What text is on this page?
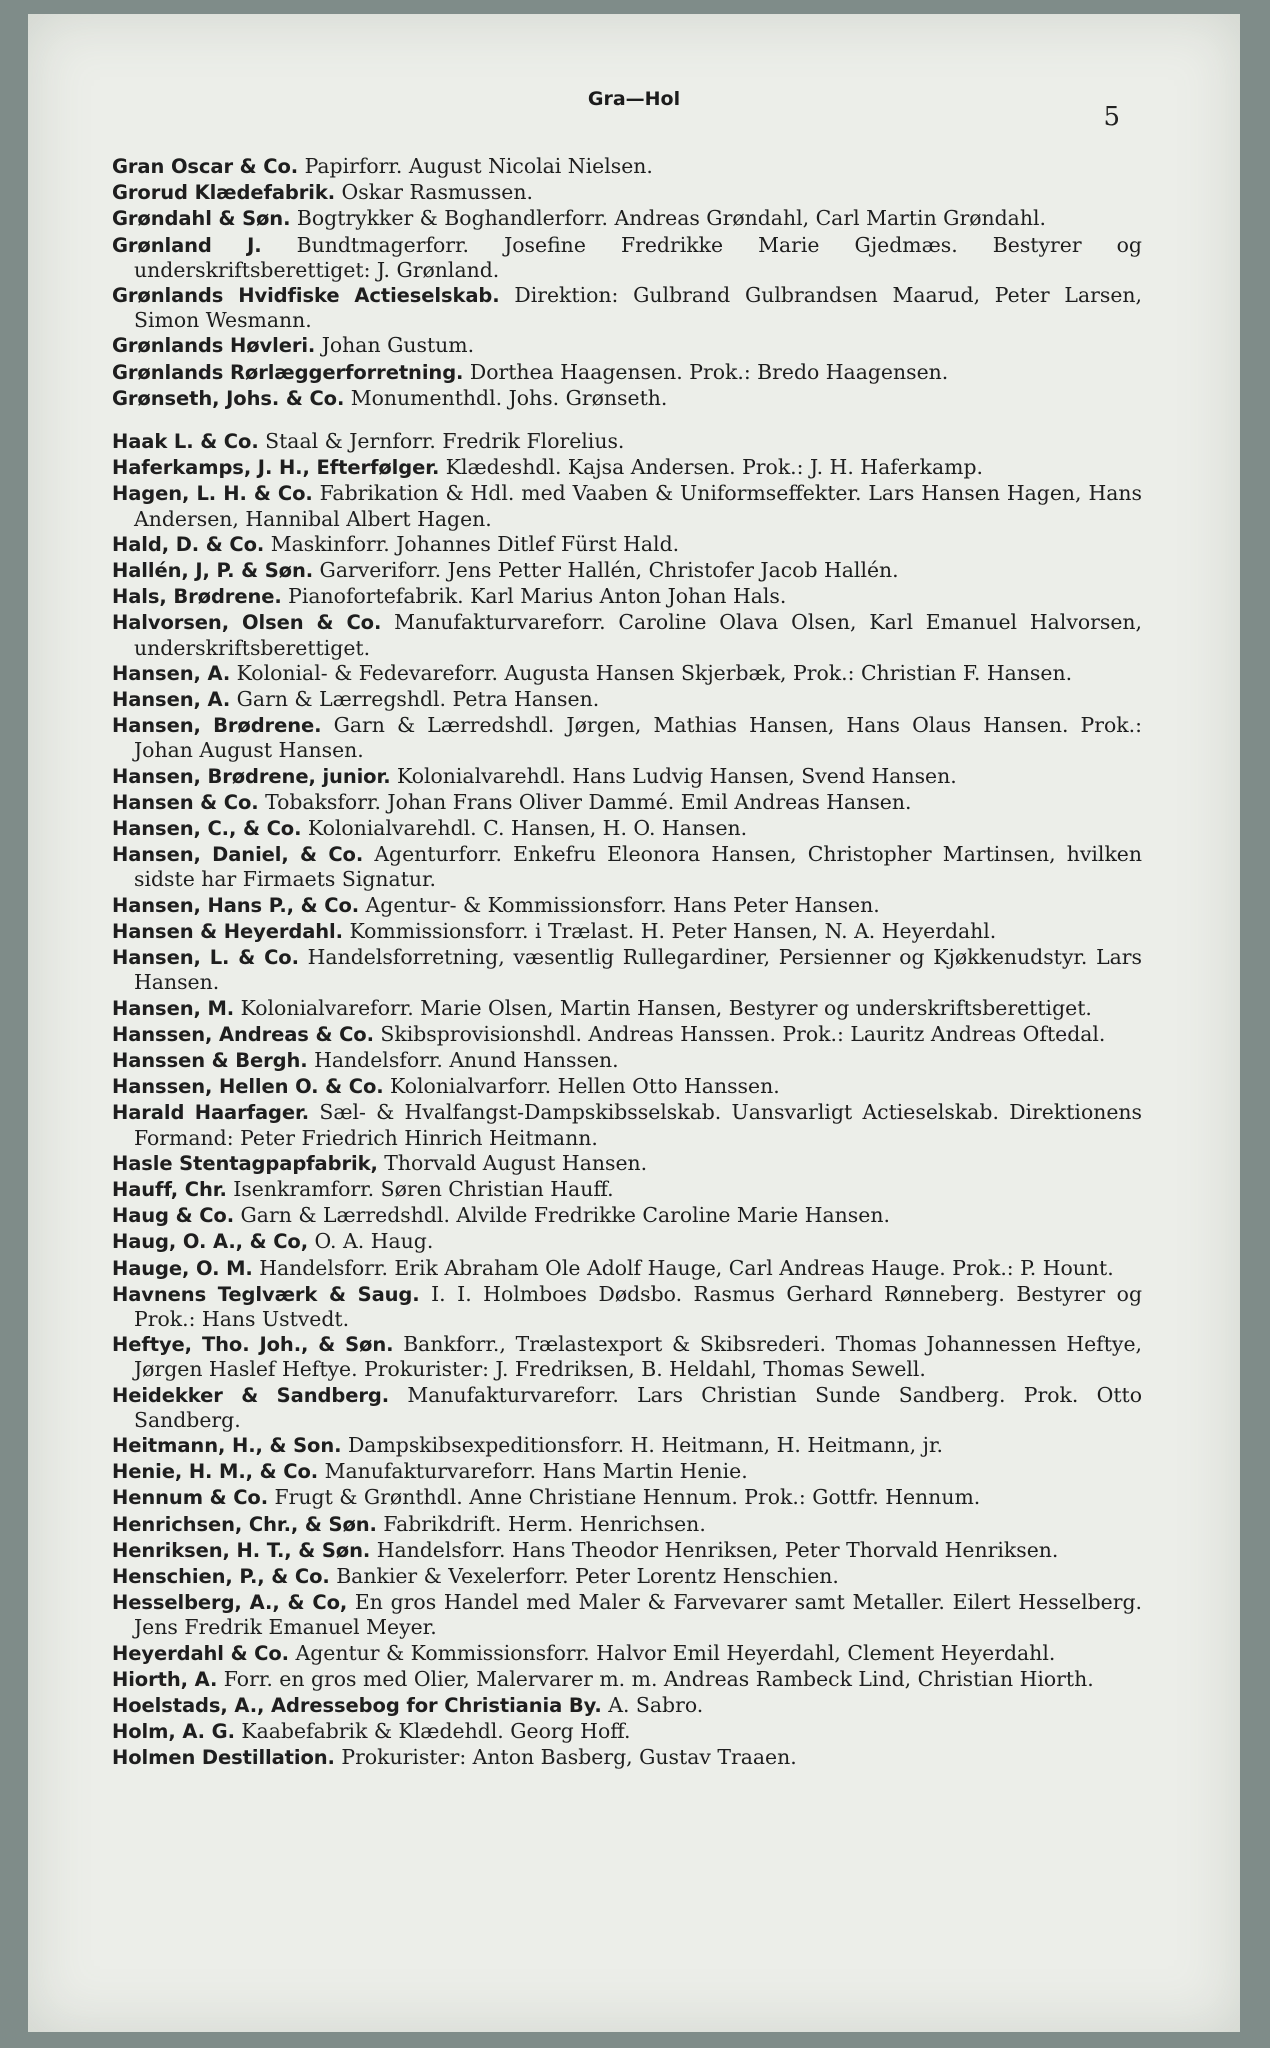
Gra—Hol
5

Gran Oscar & Co. Papirforr. August Nicolai Nielsen.

Grorud Klædefabrik. Oskar Rasmussen.

Grøndahl & Søn. Bogtrykker & Boghandlerforr. Andreas Grøndahl, Carl Martin Grøndahl.

Grønland J. Bundtmagerforr. Josefine Fredrikke Marie Gjedmæs. Bestyrer og underskriftsberettiget: J. Grønland.

Grønlands Hvidfiske Actieselskab. Direktion: Gulbrand Gulbrandsen Maarud, Peter Larsen, Simon Wesmann.

Grønlands Høvleri. Johan Gustum.

Grønlands Rørlæggerforretning. Dorthea Haagensen. Prok.: Bredo Haagensen.

Grønseth, Johs. & Co. Monumenthdl. Johs. Grønseth.

Haak L. & Co. Staal & Jernforr. Fredrik Florelius.

Haferkamps, J. H., Efterfølger. Klædeshdl. Kajsa Andersen. Prok.: J. H. Haferkamp.

Hagen, L. H. & Co. Fabrikation & Hdl. med Vaaben & Uniformseffekter. Lars Hansen Hagen, Hans Andersen, Hannibal Albert Hagen.

Hald, D. & Co. Maskinforr. Johannes Ditlef Fürst Hald.

Hallén, J, P. & Søn. Garveriforr. Jens Petter Hallén, Christofer Jacob Hallén.

Hals, Brødrene. Pianofortefabrik. Karl Marius Anton Johan Hals.

Halvorsen, Olsen & Co. Manufakturvareforr. Caroline Olava Olsen, Karl Emanuel Halvorsen, underskriftsberettiget.

Hansen, A. Kolonial- & Fedevareforr. Augusta Hansen Skjerbæk, Prok.: Christian F. Hansen.

Hansen, A. Garn & Lærregshdl. Petra Hansen.

Hansen, Brødrene. Garn & Lærredshdl. Jørgen, Mathias Hansen, Hans Olaus Hansen. Prok.: Johan August Hansen.

Hansen, Brødrene, junior. Kolonialvarehdl. Hans Ludvig Hansen, Svend Hansen.

Hansen & Co. Tobaksforr. Johan Frans Oliver Dammé. Emil Andreas Hansen.

Hansen, C., & Co. Kolonialvarehdl. C. Hansen, H. O. Hansen.

Hansen, Daniel, & Co. Agenturforr. Enkefru Eleonora Hansen, Christopher Martinsen, hvilken sidste har Firmaets Signatur.

Hansen, Hans P., & Co. Agentur- & Kommissionsforr. Hans Peter Hansen.

Hansen & Heyerdahl. Kommissionsforr. i Trælast. H. Peter Hansen, N. A. Heyerdahl.

Hansen, L. & Co. Handelsforretning, væsentlig Rullegardiner, Persienner og Kjøkkenudstyr. Lars Hansen.

Hansen, M. Kolonialvareforr. Marie Olsen, Martin Hansen, Bestyrer og underskriftsberettiget.

Hanssen, Andreas & Co. Skibsprovisionshdl. Andreas Hanssen. Prok.: Lauritz Andreas Oftedal.

Hanssen & Bergh. Handelsforr. Anund Hanssen.

Hanssen, Hellen O. & Co. Kolonialvarforr. Hellen Otto Hanssen.

Harald Haarfager. Sæl- & Hvalfangst-Dampskibsselskab. Uansvarligt Actieselskab. Direktionens Formand: Peter Friedrich Hinrich Heitmann.

Hasle Stentagpapfabrik, Thorvald August Hansen.

Hauff, Chr. Isenkramforr. Søren Christian Hauff.

Haug & Co. Garn & Lærredshdl. Alvilde Fredrikke Caroline Marie Hansen.

Haug, O. A., & Co, O. A. Haug.

Hauge, O. M. Handelsforr. Erik Abraham Ole Adolf Hauge, Carl Andreas Hauge. Prok.: P. Hount.

Havnens Teglværk & Saug. I. I. Holmboes Dødsbo. Rasmus Gerhard Rønneberg. Bestyrer og Prok.: Hans Ustvedt.

Heftye, Tho. Joh., & Søn. Bankforr., Trælastexport & Skibsrederi. Thomas Johannessen Heftye, Jørgen Haslef Heftye. Prokurister: J. Fredriksen, B. Heldahl, Thomas Sewell.

Heidekker & Sandberg. Manufakturvareforr. Lars Christian Sunde Sandberg. Prok. Otto Sandberg.

Heitmann, H., & Son. Dampskibsexpeditionsforr. H. Heitmann, H. Heitmann, jr.

Henie, H. M., & Co. Manufakturvareforr. Hans Martin Henie.

Hennum & Co. Frugt & Grønthdl. Anne Christiane Hennum. Prok.: Gottfr. Hennum.

Henrichsen, Chr., & Søn. Fabrikdrift. Herm. Henrichsen.

Henriksen, H. T., & Søn. Handelsforr. Hans Theodor Henriksen, Peter Thorvald Henriksen.

Henschien, P., & Co. Bankier & Vexelerforr. Peter Lorentz Henschien.

Hesselberg, A., & Co, En gros Handel med Maler & Farvevarer samt Metaller. Eilert Hesselberg. Jens Fredrik Emanuel Meyer.

Heyerdahl & Co. Agentur & Kommissionsforr. Halvor Emil Heyerdahl, Clement Heyerdahl.

Hiorth, A. Forr. en gros med Olier, Malervarer m. m. Andreas Rambeck Lind, Christian Hiorth.

Hoelstads, A., Adressebog for Christiania By. A. Sabro.

Holm, A. G. Kaabefabrik & Klædehdl. Georg Hoff.

Holmen Destillation. Prokurister: Anton Basberg, Gustav Traaen.
